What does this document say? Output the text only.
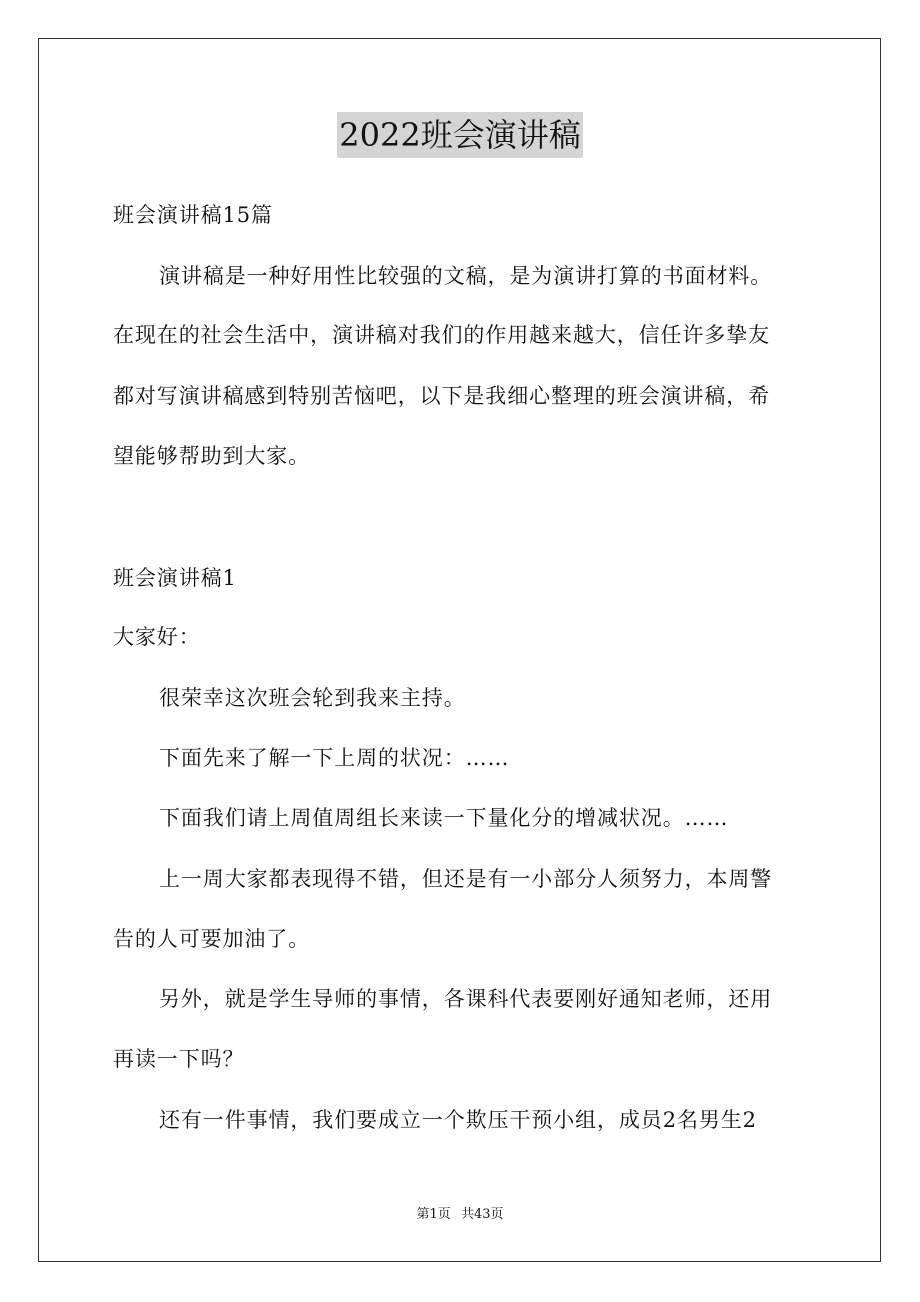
2022班会演讲稿
班会演讲稿15篇
演讲稿是一种好用性比较强的文稿，是为演讲打算的书面材料。
在现在的社会生活中，演讲稿对我们的作用越来越大，信任许多挚友
都对写演讲稿感到特别苦恼吧，以下是我细心整理的班会演讲稿，希
望能够帮助到大家。
班会演讲稿1
大家好：
很荣幸这次班会轮到我来主持。
下面先来了解一下上周的状况：……
下面我们请上周值周组长来读一下量化分的增减状况。……
上一周大家都表现得不错，但还是有一小部分人须努力，本周警
告的人可要加油了。
另外，就是学生导师的事情，各课科代表要刚好通知老师，还用
再读一下吗？
还有一件事情，我们要成立一个欺压干预小组，成员2名男生2
第1页 共43页
